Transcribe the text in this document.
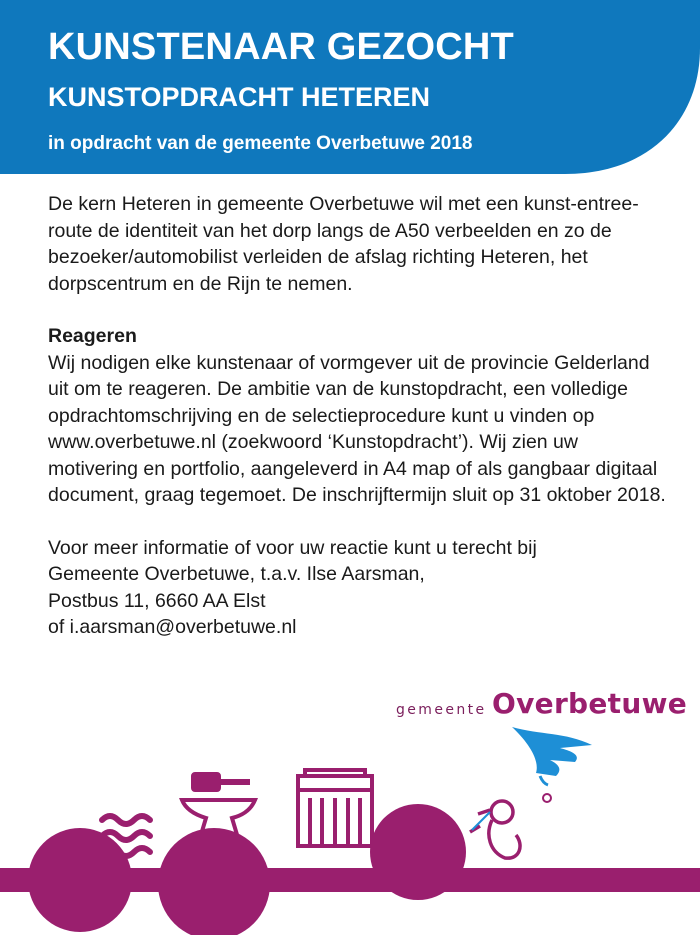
KUNSTENAAR GEZOCHT
KUNSTOPDRACHT HETEREN

in opdracht van de gemeente Overbetuwe 2018

De kern Heteren in gemeente Overbetuwe wil met een kunst-entree-route de identiteit van het dorp langs de A50 verbeelden en zo de bezoeker/automobilist verleiden de afslag richting Heteren, het dorpscentrum en de Rijn te nemen.

Reageren

Wij nodigen elke kunstenaar of vormgever uit de provincie Gelderland uit om te reageren. De ambitie van de kunstopdracht, een volledige opdrachtomschrijving en de selectieprocedure kunt u vinden op www.overbetuwe.nl (zoekwoord ‘Kunstopdracht’). Wij zien uw motivering en portfolio, aangeleverd in A4 map of als gangbaar digitaal document, graag tegemoet. De inschrijftermijn sluit op 31 oktober 2018.

Voor meer informatie of voor uw reactie kunt u terecht bij

Gemeente Overbetuwe, t.a.v. Ilse Aarsman,

Postbus 11, 6660 AA Elst

of i.aarsman@overbetuwe.nl

gemeente Overbetuwe
